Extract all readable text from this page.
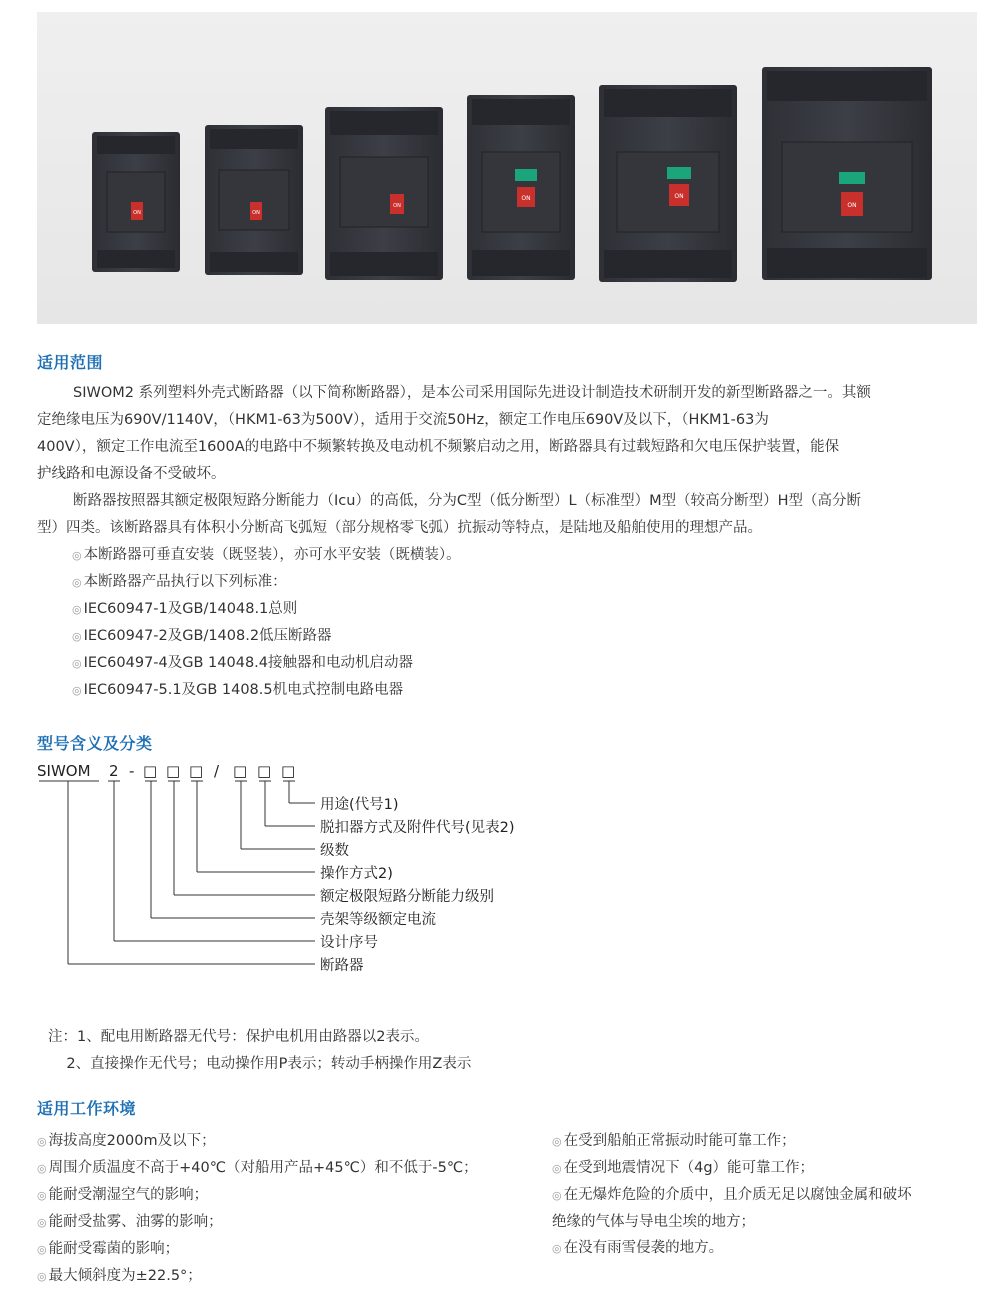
ON	ON
ON
ON	ON
ON
适用范围
SIWOM2 系列塑料外壳式断路器（以下简称断路器），是本公司采用国际先进设计制造技术研制开发的新型断路器之一。其额
定绝缘电压为690V/1140V，（HKM1-63为500V），适用于交流50Hz，额定工作电压690V及以下，（HKM1-63为
400V），额定工作电流至1600A的电路中不频繁转换及电动机不频繁启动之用，断路器具有过载短路和欠电压保护装置，能保
护线路和电源设备不受破坏。
断路器按照器其额定极限短路分断能力（Icu）的高低，分为C型（低分断型）L（标准型）M型（较高分断型）H型（高分断
型）四类。该断路器具有体积小分断高飞弧短（部分规格零飞弧）抗振动等特点，是陆地及船舶使用的理想产品。
◎ 本断路器可垂直安装（既竖装），亦可水平安装（既横装）。
◎ 本断路器产品执行以下列标准：
◎ IEC60947-1及GB/14048.1总则
◎ IEC60947-2及GB/1408.2低压断路器
◎ IEC60497-4及GB 14048.4接触器和电动机启动器
◎ IEC60947-5.1及GB 1408.5机电式控制电路电器
型号含义及分类
SIWOM 2 - □ □ □ / □ □ □
用途(代号1)
脱扣器方式及附件代号(见表2)
级数
操作方式2)
额定极限短路分断能力级别
壳架等级额定电流
设计序号
断路器
注：1、配电用断路器无代号：保护电机用由路器以2表示。
2、直接操作无代号；电动操作用P表示；转动手柄操作用Z表示
适用工作环境
◎ 海拔高度2000m及以下；
◎ 周围介质温度不高于+40℃（对船用产品+45℃）和不低于-5℃；
◎ 能耐受潮湿空气的影响；
◎ 能耐受盐雾、油雾的影响；
◎ 能耐受霉菌的影响；
◎ 最大倾斜度为±22.5°；
◎ 在受到船舶正常振动时能可靠工作；
◎ 在受到地震情况下（4g）能可靠工作；
◎ 在无爆炸危险的介质中，且介质无足以腐蚀金属和破坏
绝缘的气体与导电尘埃的地方；
◎ 在没有雨雪侵袭的地方。
